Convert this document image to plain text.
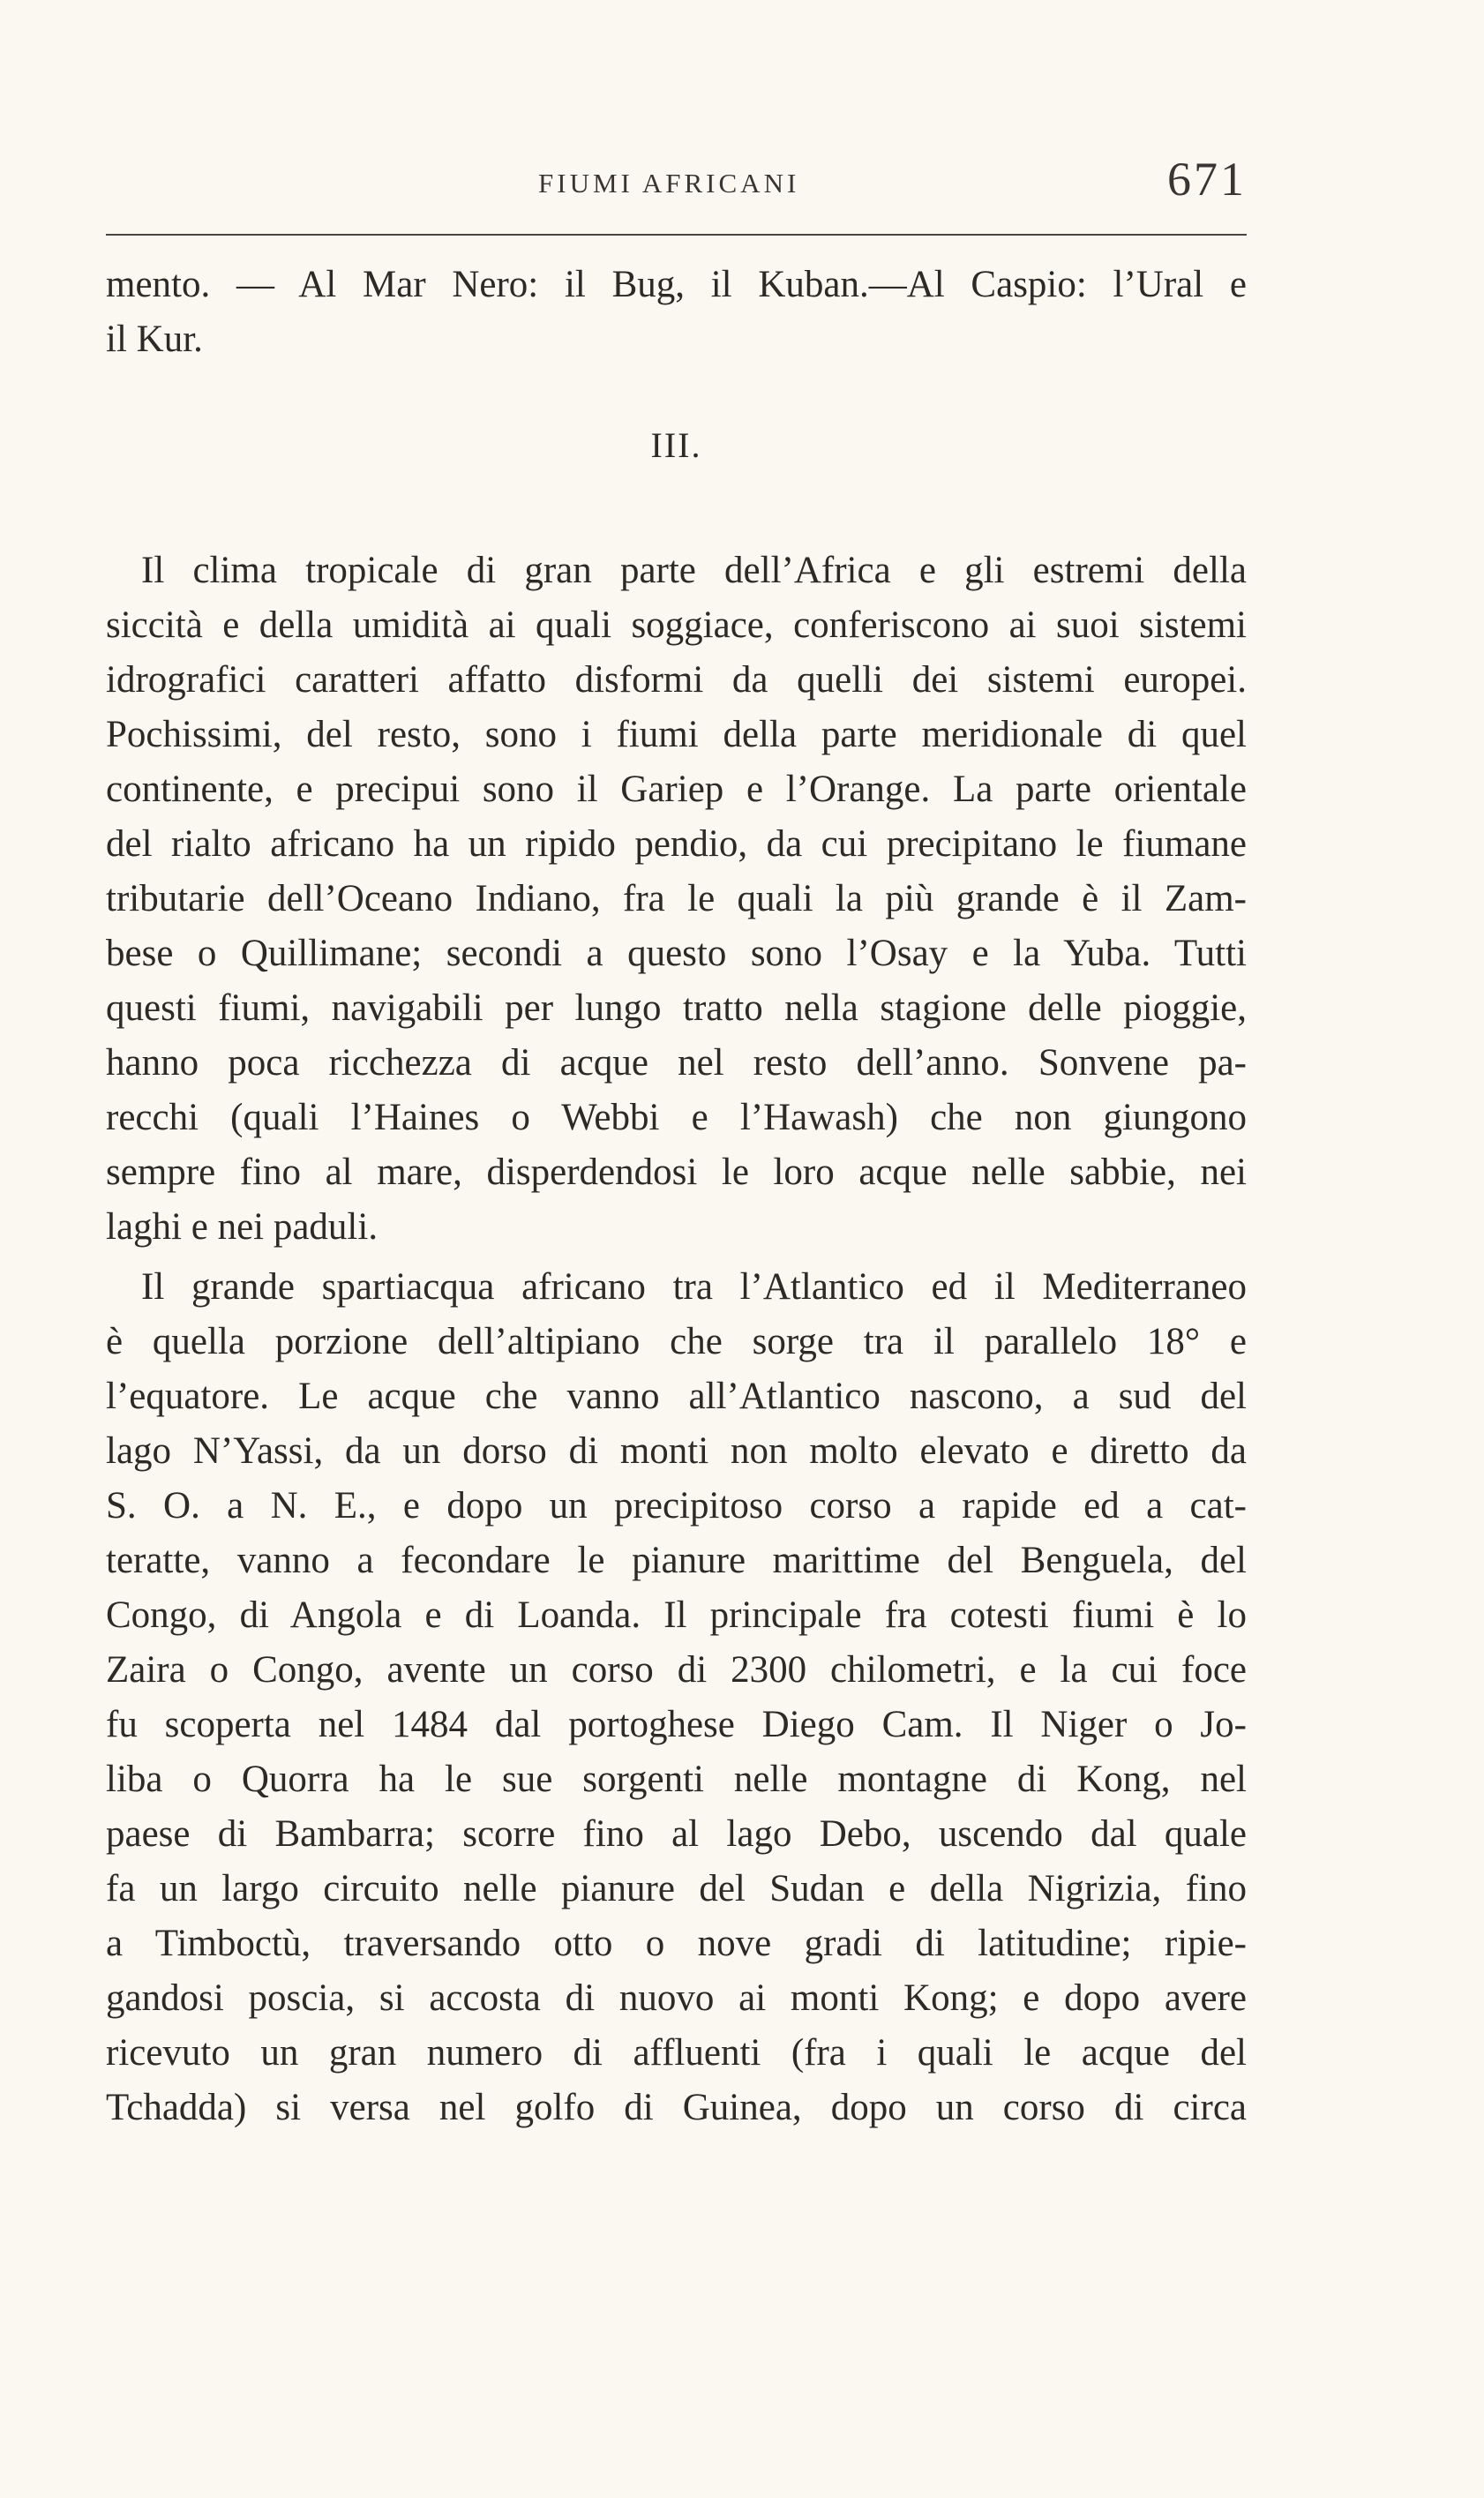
FIUMI AFRICANI	671
mento. — Al Mar Nero: il Bug, il Kuban.—Al Caspio: l’Ural e
il Kur.
III.
Il clima tropicale di gran parte dell’Africa e gli estremi della
siccità e della umidità ai quali soggiace, conferiscono ai suoi sistemi
idrografici caratteri affatto disformi da quelli dei sistemi europei.
Pochissimi, del resto, sono i fiumi della parte meridionale di quel
continente, e precipui sono il Gariep e l’Orange. La parte orientale
del rialto africano ha un ripido pendio, da cui precipitano le fiumane
tributarie dell’Oceano Indiano, fra le quali la più grande è il Zam-
bese o Quillimane; secondi a questo sono l’Osay e la Yuba. Tutti
questi fiumi, navigabili per lungo tratto nella stagione delle pioggie,
hanno poca ricchezza di acque nel resto dell’anno. Sonvene pa-
recchi (quali l’Haines o Webbi e l’Hawash) che non giungono
sempre fino al mare, disperdendosi le loro acque nelle sabbie, nei
laghi e nei paduli.
Il grande spartiacqua africano tra l’Atlantico ed il Mediterraneo
è quella porzione dell’altipiano che sorge tra il parallelo 18° e
l’equatore. Le acque che vanno all’Atlantico nascono, a sud del
lago N’Yassi, da un dorso di monti non molto elevato e diretto da
S. O. a N. E., e dopo un precipitoso corso a rapide ed a cat-
teratte, vanno a fecondare le pianure marittime del Benguela, del
Congo, di Angola e di Loanda. Il principale fra cotesti fiumi è lo
Zaira o Congo, avente un corso di 2300 chilometri, e la cui foce
fu scoperta nel 1484 dal portoghese Diego Cam. Il Niger o Jo-
liba o Quorra ha le sue sorgenti nelle montagne di Kong, nel
paese di Bambarra; scorre fino al lago Debo, uscendo dal quale
fa un largo circuito nelle pianure del Sudan e della Nigrizia, fino
a Timboctù, traversando otto o nove gradi di latitudine; ripie-
gandosi poscia, si accosta di nuovo ai monti Kong; e dopo avere
ricevuto un gran numero di affluenti (fra i quali le acque del
Tchadda) si versa nel golfo di Guinea, dopo un corso di circa
